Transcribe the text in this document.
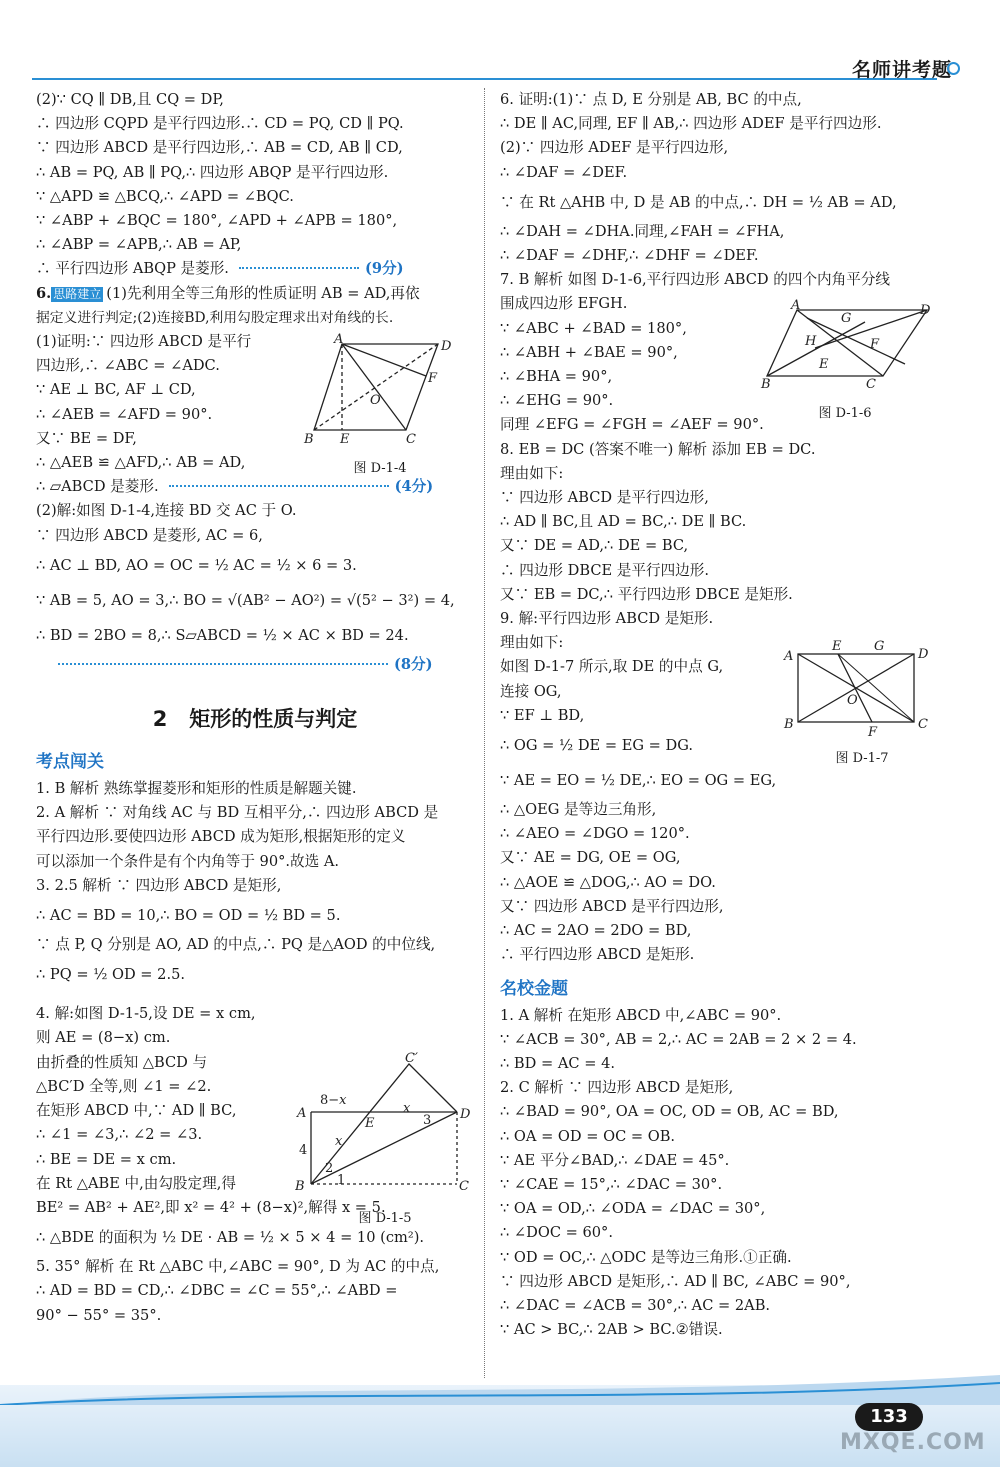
名师讲考题
(2)∵ CQ ∥ DB,且 CQ = DP,
∴ 四边形 CQPD 是平行四边形.∴ CD = PQ, CD ∥ PQ.
∵ 四边形 ABCD 是平行四边形,∴ AB = CD, AB ∥ CD,
∴ AB = PQ, AB ∥ PQ,∴ 四边形 ABQP 是平行四边形.
∵ △APD ≌ △BCQ,∴ ∠APD = ∠BQC.
∵ ∠ABP + ∠BQC = 180°, ∠APD + ∠APB = 180°,
∴ ∠ABP = ∠APB,∴ AB = AP,
∴ 平行四边形 ABQP 是菱形.	(9分)
6. 思路建立 (1)先利用全等三角形的性质证明 AB = AD,再依
据定义进行判定;(2)连接BD,利用勾股定理求出对角线的长.
(1)证明:∵ 四边形 ABCD 是平行
四边形,∴ ∠ABC = ∠ADC.
∵ AE ⊥ BC, AF ⊥ CD,
∴ ∠AEB = ∠AFD = 90°.
又∵ BE = DF,
∴ △AEB ≌ △AFD,∴ AB = AD,
∴ ▱ABCD 是菱形.	(4分)
(2)解:如图 D-1-4,连接 BD 交 AC 于 O.
∵ 四边形 ABCD 是菱形, AC = 6,
∴ AC ⊥ BD, AO = OC = ½ AC = ½ × 6 = 3.
∵ AB = 5, AO = 3,∴ BO = √(AB² − AO²) = √(5² − 3²) = 4,
∴ BD = 2BO = 8,∴ S▱ABCD = ½ × AC × BD = 24.
(8分)
2 矩形的性质与判定
考点闯关
1. B 解析 熟练掌握菱形和矩形的性质是解题关键.
2. A 解析 ∵ 对角线 AC 与 BD 互相平分,∴ 四边形 ABCD 是
平行四边形.要使四边形 ABCD 成为矩形,根据矩形的定义
可以添加一个条件是有个内角等于 90°.故选 A.
3. 2.5 解析 ∵ 四边形 ABCD 是矩形,
∴ AC = BD = 10,∴ BO = OD = ½ BD = 5.
∵ 点 P, Q 分别是 AO, AD 的中点,∴ PQ 是△AOD 的中位线,
∴ PQ = ½ OD = 2.5.
4. 解:如图 D-1-5,设 DE = x cm,
则 AE = (8−x) cm.
由折叠的性质知 △BCD 与
△BC′D 全等,则 ∠1 = ∠2.
在矩形 ABCD 中,∵ AD ∥ BC,
∴ ∠1 = ∠3,∴ ∠2 = ∠3.
∴ BE = DE = x cm.
在 Rt △ABE 中,由勾股定理,得
BE² = AB² + AE²,即 x² = 4² + (8−x)²,解得 x = 5.
∴ △BDE 的面积为 ½ DE · AB = ½ × 5 × 4 = 10 (cm²).
5. 35° 解析 在 Rt △ABC 中,∠ABC = 90°, D 为 AC 的中点,
∴ AD = BD = CD,∴ ∠DBC = ∠C = 55°,∴ ∠ABD =
90° − 55° = 35°.
A	D
B	C
E
F
O
图 D-1-4
C′
8−x
A	D
E
x
x
3
4
2
1
B	C
图 D-1-5
6. 证明:(1)∵ 点 D, E 分别是 AB, BC 的中点,
∴ DE ∥ AC,同理, EF ∥ AB,∴ 四边形 ADEF 是平行四边形.
(2)∵ 四边形 ADEF 是平行四边形,
∴ ∠DAF = ∠DEF.
∵ 在 Rt △AHB 中, D 是 AB 的中点,∴ DH = ½ AB = AD,
∴ ∠DAH = ∠DHA.同理,∠FAH = ∠FHA,
∴ ∠DAF = ∠DHF,∴ ∠DHF = ∠DEF.
7. B 解析 如图 D-1-6,平行四边形 ABCD 的四个内角平分线
围成四边形 EFGH.
∵ ∠ABC + ∠BAD = 180°,
∴ ∠ABH + ∠BAE = 90°,
∴ ∠BHA = 90°,
∴ ∠EHG = 90°.
同理 ∠EFG = ∠FGH = ∠AEF = 90°.
8. EB = DC (答案不唯一) 解析 添加 EB = DC.
理由如下:
∵ 四边形 ABCD 是平行四边形,
∴ AD ∥ BC,且 AD = BC,∴ DE ∥ BC.
又∵ DE = AD,∴ DE = BC,
∴ 四边形 DBCE 是平行四边形.
又∵ EB = DC,∴ 平行四边形 DBCE 是矩形.
9. 解:平行四边形 ABCD 是矩形.
理由如下:
如图 D-1-7 所示,取 DE 的中点 G,
连接 OG,
∵ EF ⊥ BD,
∴ OG = ½ DE = EG = DG.
∵ AE = EO = ½ DE,∴ EO = OG = EG,
∴ △OEG 是等边三角形,
∴ ∠AEO = ∠DGO = 120°.
又∵ AE = DG, OE = OG,
∴ △AOE ≌ △DOG,∴ AO = DO.
又∵ 四边形 ABCD 是平行四边形,
∴ AC = 2AO = 2DO = BD,
∴ 平行四边形 ABCD 是矩形.
名校金题
1. A 解析 在矩形 ABCD 中,∠ABC = 90°.
∵ ∠ACB = 30°, AB = 2,∴ AC = 2AB = 2 × 2 = 4.
∴ BD = AC = 4.
2. C 解析 ∵ 四边形 ABCD 是矩形,
∴ ∠BAD = 90°, OA = OC, OD = OB, AC = BD,
∴ OA = OD = OC = OB.
∵ AE 平分∠BAD,∴ ∠DAE = 45°.
∵ ∠CAE = 15°,∴ ∠DAC = 30°.
∵ OA = OD,∴ ∠ODA = ∠DAC = 30°,
∴ ∠DOC = 60°.
∵ OD = OC,∴ △ODC 是等边三角形.①正确.
∵ 四边形 ABCD 是矩形,∴ AD ∥ BC, ∠ABC = 90°,
∴ ∠DAC = ∠ACB = 30°,∴ AC = 2AB.
∵ AC > BC,∴ 2AB > BC.②错误.
A	D
B	C
G
H	F
E
图 D-1-6
A	D
B	C
E	G
O
F
图 D-1-7
133
MXQE.COM
